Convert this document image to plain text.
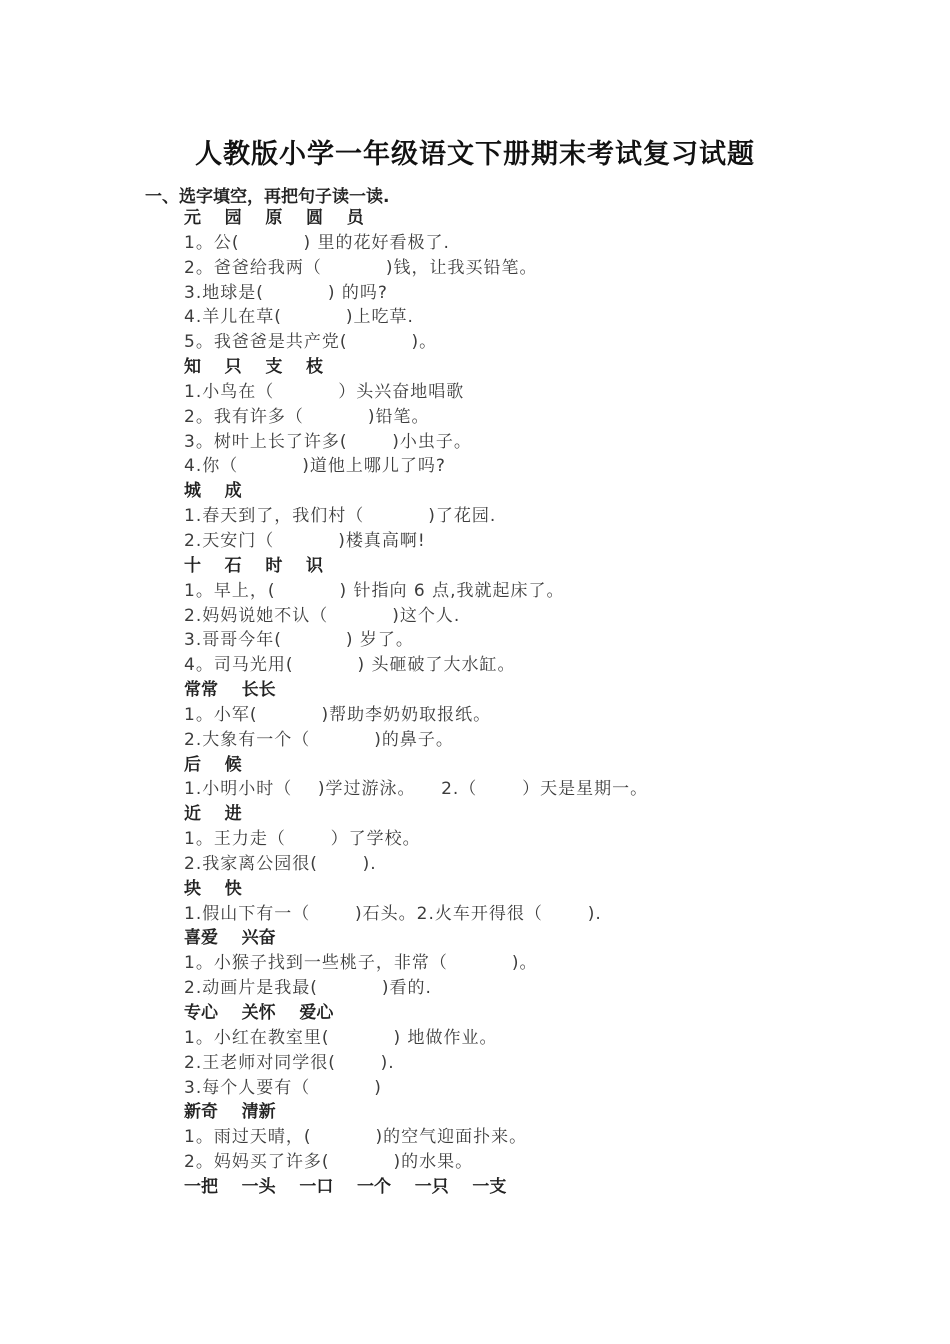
人教版小学一年级语文下册期末考试复习试题
一、选字填空，再把句子读一读.
元    园    原    圆    员
1。公(          ) 里的花好看极了.
2。爸爸给我两（          )钱，让我买铅笔。
3.地球是(          ) 的吗?
4.羊儿在草(          )上吃草.
5。我爸爸是共产党(          )。
知    只    支    枝
1.小鸟在（          ）头兴奋地唱歌
2。我有许多（          )铅笔。
3。树叶上长了许多(       )小虫子。
4.你（          )道他上哪儿了吗?
城    成
1.春天到了，我们村（          )了花园.
2.天安门（          )楼真高啊!
十    石    时    识
1。早上，(          ) 针指向 6 点,我就起床了。
2.妈妈说她不认（          )这个人.
3.哥哥今年(          ) 岁了。
4。司马光用(          ) 头砸破了大水缸。
常常    长长
1。小军(          )帮助李奶奶取报纸。
2.大象有一个（          )的鼻子。
后    候
1.小明小时（    )学过游泳。    2.（       ）天是星期一。
近    进
1。王力走（       ）了学校。
2.我家离公园很(       ).
块    快
1.假山下有一（       )石头。2.火车开得很（       ).
喜爱    兴奋
1。小猴子找到一些桃子，非常（          )。
2.动画片是我最(          )看的.
专心    关怀    爱心
1。小红在教室里(          ) 地做作业。
2.王老师对同学很(       ).
3.每个人要有（          )
新奇    清新
1。雨过天晴，(          )的空气迎面扑来。
2。妈妈买了许多(          )的水果。
一把    一头    一口    一个    一只    一支
